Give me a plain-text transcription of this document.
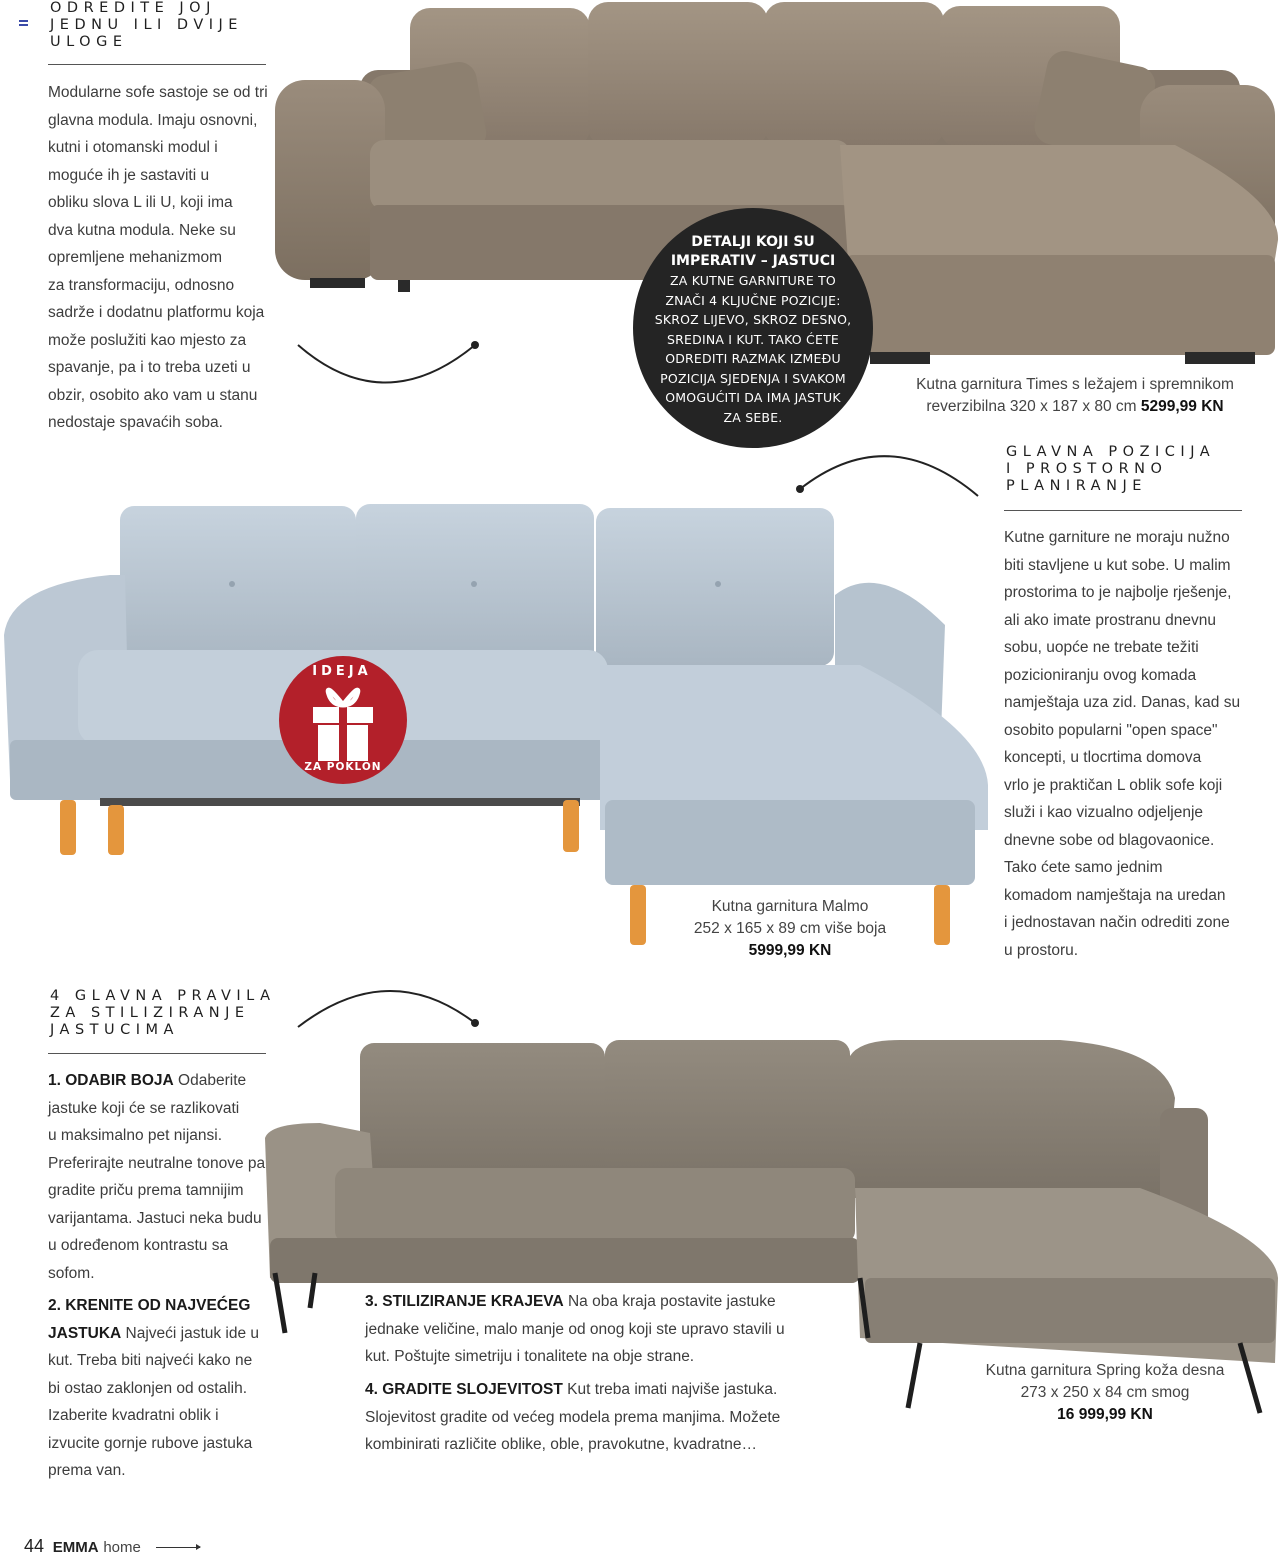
ODREDITE JOJ
JEDNU ILI DVIJE
ULOGE
Modularne sofe sastoje se od tri
glavna modula. Imaju osnovni,
kutni i otomanski modul i
moguće ih je sastaviti u
obliku slova L ili U, koji ima
dva kutna modula. Neke su
opremljene mehanizmom
za transformaciju, odnosno
sadrže i dodatnu platformu koja
može poslužiti kao mjesto za
spavanje, pa i to treba uzeti u
obzir, osobito ako vam u stanu
nedostaje spavaćih soba.
DETALJI KOJI SU
IMPERATIV – JASTUCI
ZA KUTNE GARNITURE TO
ZNAČI 4 KLJUČNE POZICIJE:
SKROZ LIJEVO, SKROZ DESNO,
SREDINA I KUT. TAKO ĆETE
ODREDITI RAZMAK IZMEĐU
POZICIJA SJEDENJA I SVAKOM
OMOGUĆITI DA IMA JASTUK
ZA SEBE.
Kutna garnitura Times s ležajem i spremnikom
reverzibilna 320 x 187 x 80 cm 5299,99 KN
GLAVNA POZICIJA
I PROSTORNO
PLANIRANJE
Kutne garniture ne moraju nužno
biti stavljene u kut sobe. U malim
prostorima to je najbolje rješenje,
ali ako imate prostranu dnevnu
sobu, uopće ne trebate težiti
pozicioniranju ovog komada
namještaja uza zid. Danas, kad su
osobito popularni "open space"
koncepti, u tlocrtima domova
vrlo je praktičan L oblik sofe koji
služi i kao vizualno odjeljenje
dnevne sobe od blagovaonice.
Tako ćete samo jednim
komadom namještaja na uredan
i jednostavan način odrediti zone
u prostoru.
IDEJA
ZA POKLON
Kutna garnitura Malmo
252 x 165 x 89 cm više boja
5999,99 KN
4 GLAVNA PRAVILA
ZA STILIZIRANJE
JASTUCIMA
1. ODABIR BOJA Odaberite
jastuke koji će se razlikovati
u maksimalno pet nijansi.
Preferirajte neutralne tonove pa
gradite priču prema tamnijim
varijantama. Jastuci neka budu
u određenom kontrastu sa
sofom.
2. KRENITE OD NAJVEĆEG
JASTUKA Najveći jastuk ide u
kut. Treba biti najveći kako ne
bi ostao zaklonjen od ostalih.
Izaberite kvadratni oblik i
izvucite gornje rubove jastuka
prema van.
3. STILIZIRANJE KRAJEVA Na oba kraja postavite jastuke
jednake veličine, malo manje od onog koji ste upravo stavili u
kut. Poštujte simetriju i tonalitete na obje strane.
4. GRADITE SLOJEVITOST Kut treba imati najviše jastuka.
Slojevitost gradite od većeg modela prema manjima. Možete
kombinirati različite oblike, oble, pravokutne, kvadratne…
Kutna garnitura Spring koža desna
273 x 250 x 84 cm smog
16 999,99 KN
44 EMMA home
